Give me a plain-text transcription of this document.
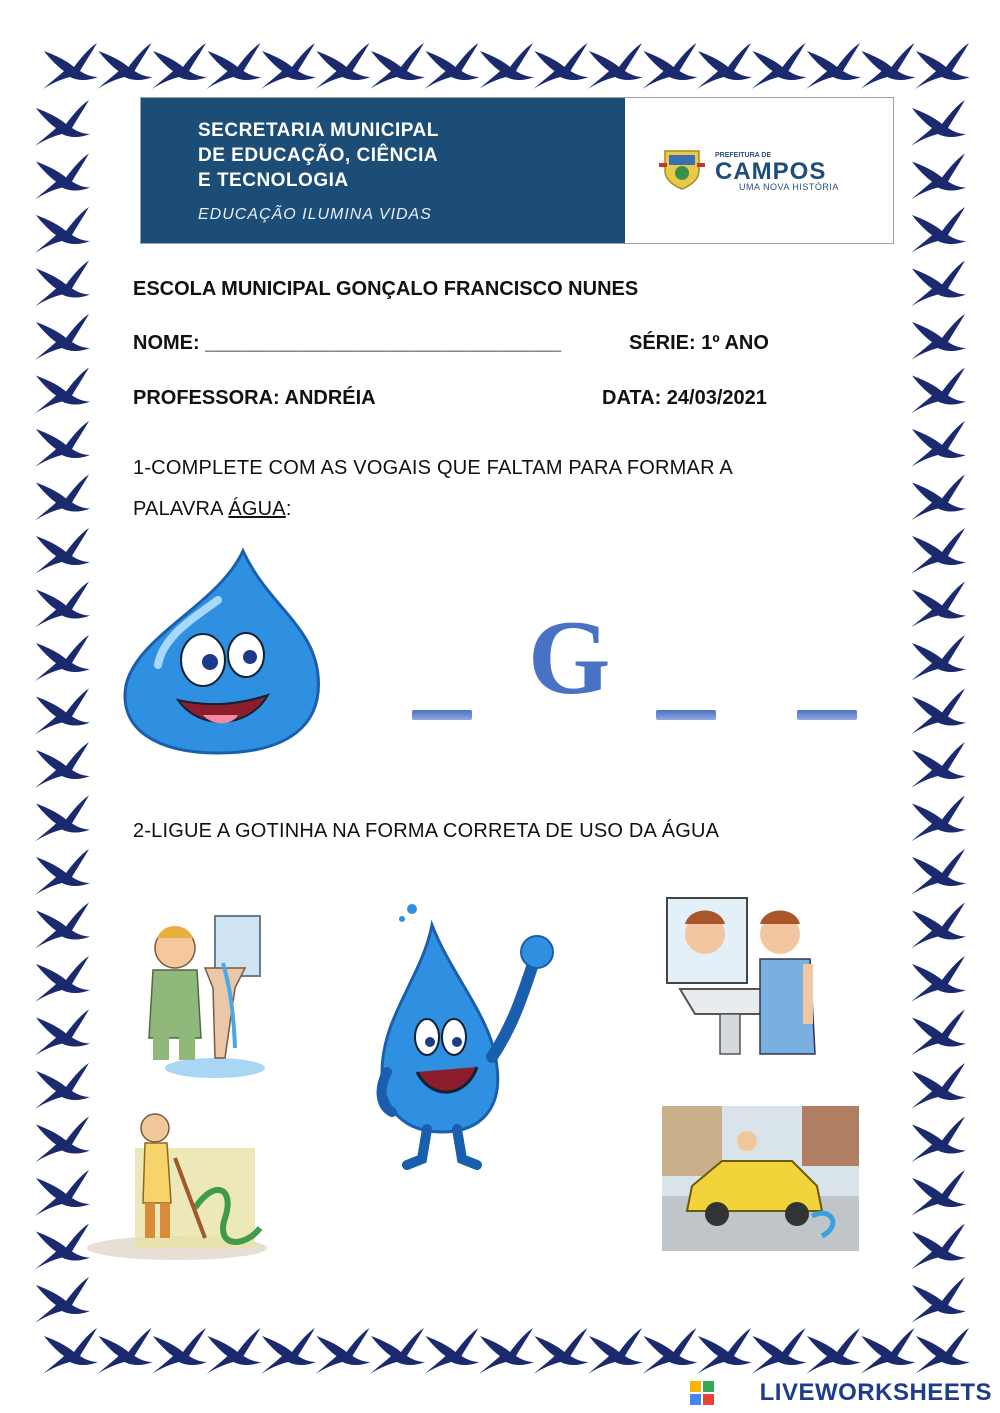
SECRETARIA MUNICIPAL
DE EDUCAÇÃO, CIÊNCIA
E TECNOLOGIA
EDUCAÇÃO ILUMINA VIDAS
PREFEITURA DE
CAMPOS
UMA NOVA HISTÓRIA
ESCOLA MUNICIPAL GONÇALO FRANCISCO NUNES
NOME: ________________________________	SÉRIE: 1º ANO
PROFESSORA: ANDRÉIA	DATA: 24/03/2021
1-COMPLETE COM AS VOGAIS QUE FALTAM PARA FORMAR A
PALAVRA ÁGUA:
G
2-LIGUE A GOTINHA NA FORMA CORRETA DE USO DA ÁGUA
LIVEWORKSHEETS
